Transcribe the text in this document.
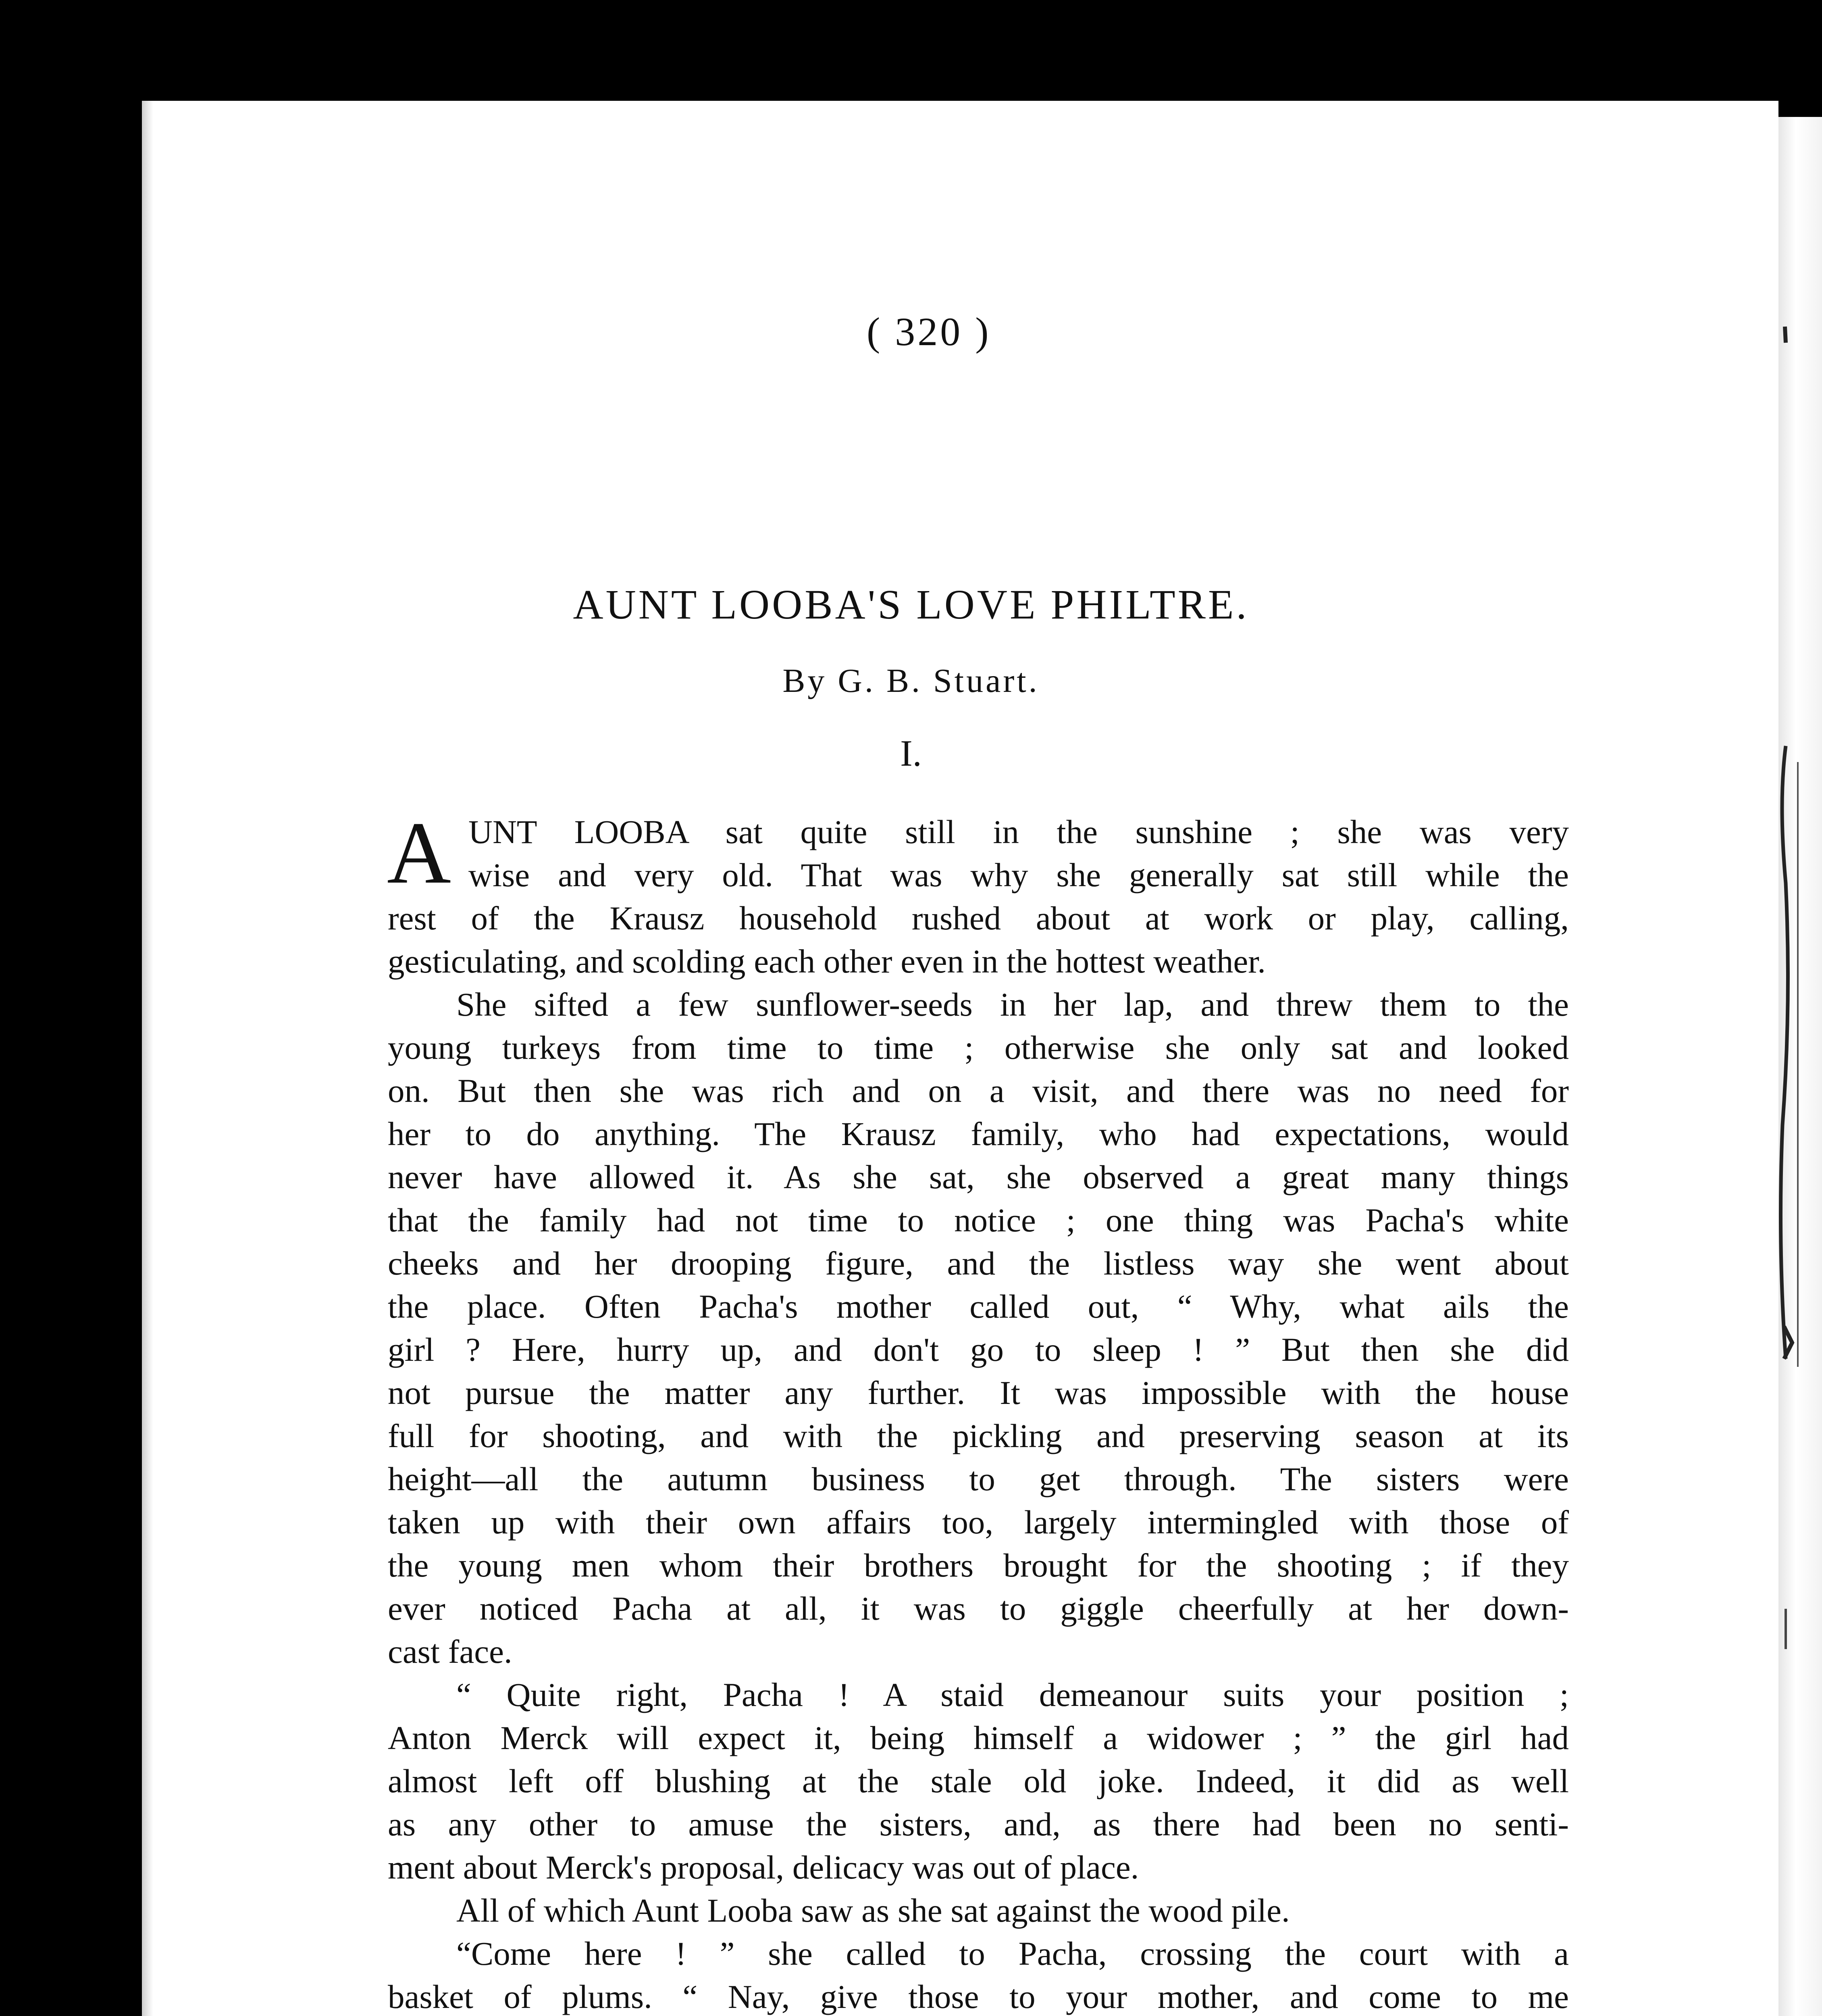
( 320 )
AUNT LOOBA'S LOVE PHILTRE.
By G. B. Stuart.
I.
A UNT LOOBA sat quite still in the sunshine ; she was very
wise and very old. That was why she generally sat still while the
rest of the Krausz household rushed about at work or play, calling,
gesticulating, and scolding each other even in the hottest weather.
She sifted a few sunflower-seeds in her lap, and threw them to the
young turkeys from time to time ; otherwise she only sat and looked
on. But then she was rich and on a visit, and there was no need for
her to do anything. The Krausz family, who had expectations, would
never have allowed it. As she sat, she observed a great many things
that the family had not time to notice ; one thing was Pacha's white
cheeks and her drooping figure, and the listless way she went about
the place. Often Pacha's mother called out, “ Why, what ails the
girl ? Here, hurry up, and don't go to sleep ! ” But then she did
not pursue the matter any further. It was impossible with the house
full for shooting, and with the pickling and preserving season at its
height—all the autumn business to get through. The sisters were
taken up with their own affairs too, largely intermingled with those of
the young men whom their brothers brought for the shooting ; if they
ever noticed Pacha at all, it was to giggle cheerfully at her down-
cast face.
“ Quite right, Pacha ! A staid demeanour suits your position ;
Anton Merck will expect it, being himself a widower ; ” the girl had
almost left off blushing at the stale old joke. Indeed, it did as well
as any other to amuse the sisters, and, as there had been no senti-
ment about Merck's proposal, delicacy was out of place.
All of which Aunt Looba saw as she sat against the wood pile.
“Come here ! ” she called to Pacha, crossing the court with a
basket of plums. “ Nay, give those to your mother, and come to me
